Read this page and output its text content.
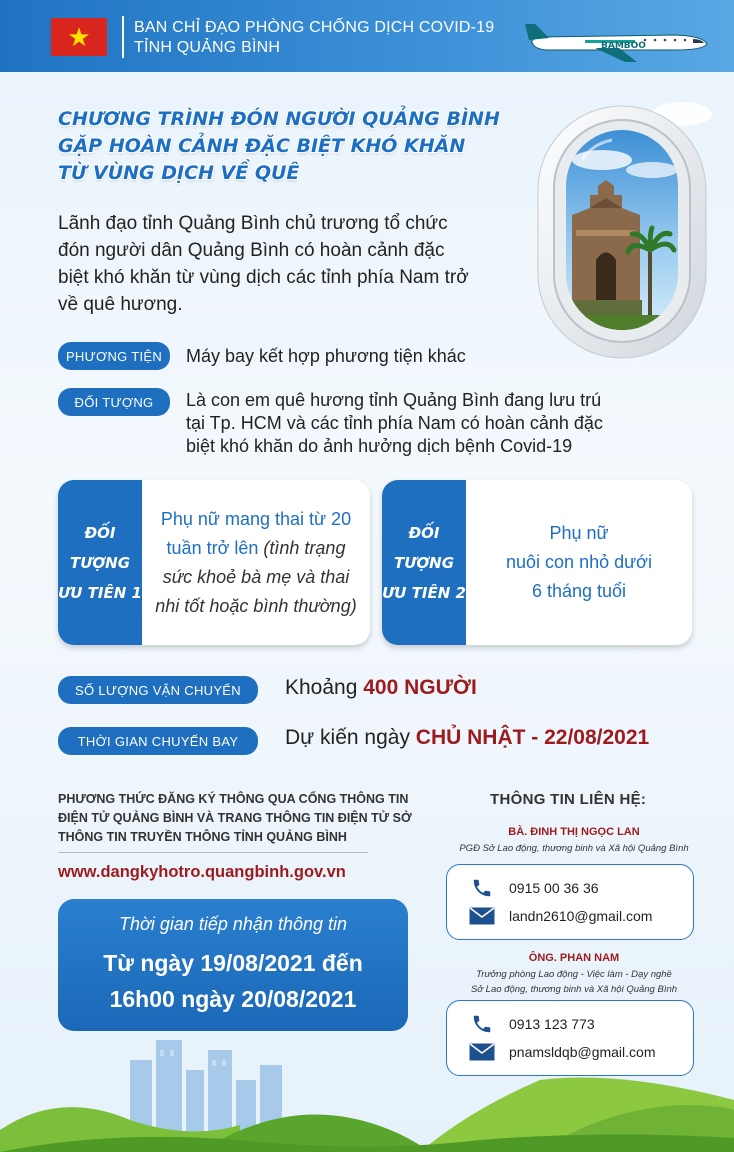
★	BAN CHỈ ĐẠO PHÒNG CHỐNG DỊCH COVID-19
TỈNH QUẢNG BÌNH	BAMBOO
CHƯƠNG TRÌNH ĐÓN NGƯỜI QUẢNG BÌNH
GẶP HOÀN CẢNH ĐẶC BIỆT KHÓ KHĂN
TỪ VÙNG DỊCH VỀ QUÊ
Lãnh đạo tỉnh Quảng Bình chủ trương tổ chức
đón người dân Quảng Bình có hoàn cảnh đặc
biệt khó khăn từ vùng dịch các tỉnh phía Nam trở
về quê hương.
PHƯƠNG TIỆN	Máy bay kết hợp phương tiện khác
ĐỐI TƯỢNG	Là con em quê hương tỉnh Quảng Bình đang lưu trú
tại Tp. HCM và các tỉnh phía Nam có hoàn cảnh đặc
biệt khó khăn do ảnh hưởng dịch bệnh Covid-19
ĐỐI TƯỢNG
ƯU TIÊN 1
Phụ nữ mang thai từ 20
tuần trở lên (tình trạng
sức khoẻ bà mẹ và thai
nhi tốt hoặc bình thường)
ĐỐI TƯỢNG
ƯU TIÊN 2
Phụ nữ
nuôi con nhỏ dưới
6 tháng tuổi
SỐ LƯỢNG VẬN CHUYỂN	Khoảng 400 NGƯỜI
THỜI GIAN CHUYẾN BAY	Dự kiến ngày CHỦ NHẬT - 22/08/2021
PHƯƠNG THỨC ĐĂNG KÝ THÔNG QUA CỔNG THÔNG TIN
ĐIỆN TỬ QUẢNG BÌNH VÀ TRANG THÔNG TIN ĐIỆN TỬ SỞ
THÔNG TIN TRUYỀN THÔNG TỈNH QUẢNG BÌNH
www.dangkyhotro.quangbinh.gov.vn
Thời gian tiếp nhận thông tin
Từ ngày 19/08/2021 đến
16h00 ngày 20/08/2021
THÔNG TIN LIÊN HỆ:
BÀ. ĐINH THỊ NGỌC LAN
PGĐ Sở Lao động, thương binh và Xã hội Quảng Bình
0915 00 36 36
landn2610@gmail.com
ÔNG. PHAN NAM
Trưởng phòng Lao động - Việc làm - Dạy nghề
Sở Lao động, thương binh và Xã hội Quảng Bình
0913 123 773
pnamsldqb@gmail.com
